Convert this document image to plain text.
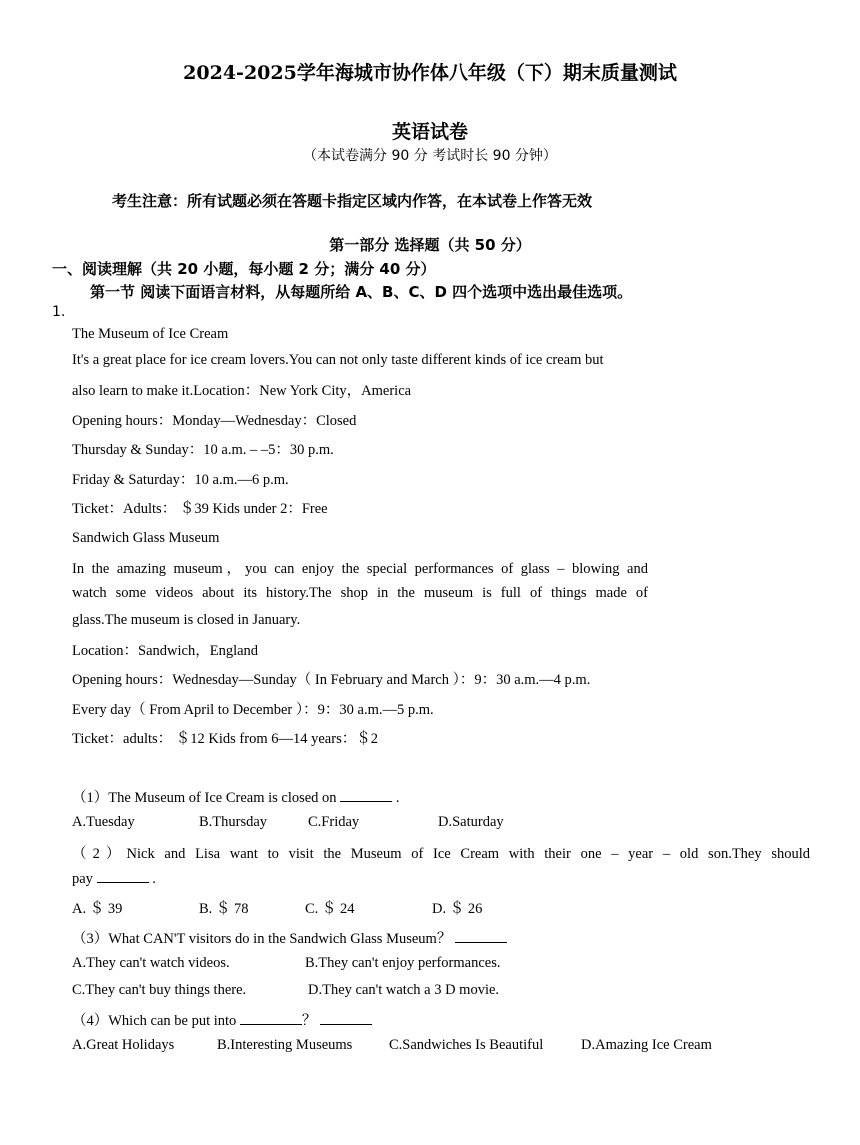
2024-2025学年海城市协作体八年级（下）期末质量测试
英语试卷
（本试卷满分 90 分 考试时长 90 分钟）
考生注意：所有试题必须在答题卡指定区域内作答，在本试卷上作答无效
第一部分 选择题（共 50 分）
一、阅读理解（共 20 小题，每小题 2 分；满分 40 分）
第一节 阅读下面语言材料，从每题所给 A、B、C、D 四个选项中选出最佳选项。
1.
The Museum of Ice Cream
It's a great place for ice cream lovers.You can not only taste different kinds of ice cream but
also learn to make it.Location：New York City，America
Opening hours：Monday—Wednesday：Closed
Thursday & Sunday：10 a.m. – –5：30 p.m.
Friday & Saturday：10 a.m.—6 p.m.
Ticket：Adults： ＄39 Kids under 2：Free
Sandwich Glass Museum
In the amazing museum，you can enjoy the special performances of glass – blowing and
watch some videos about its history.The shop in the museum is full of things made of
glass.The museum is closed in January.
Location：Sandwich，England
Opening hours：Wednesday—Sunday（ In February and March ）：9：30 a.m.—4 p.m.
Every day（ From April to December ）：9：30 a.m.—5 p.m.
Ticket：adults： ＄12 Kids from 6—14 years：＄2
（1）The Museum of Ice Cream is closed on	.
A.Tuesday	B.Thursday	C.Friday	D.Saturday
（2）Nick and Lisa want to visit the Museum of Ice Cream with their one – year – old son.They should
pay	.
A. ＄ 39	B. ＄ 78	C. ＄ 24	D. ＄ 26
（3）What CAN'T visitors do in the Sandwich Glass Museum？
A.They can't watch videos.	B.They can't enjoy performances.
C.They can't buy things there.	D.They can't watch a 3 D movie.
（4）Which can be put into	？
A.Great Holidays	B.Interesting Museums	C.Sandwiches Is Beautiful	D.Amazing Ice Cream
